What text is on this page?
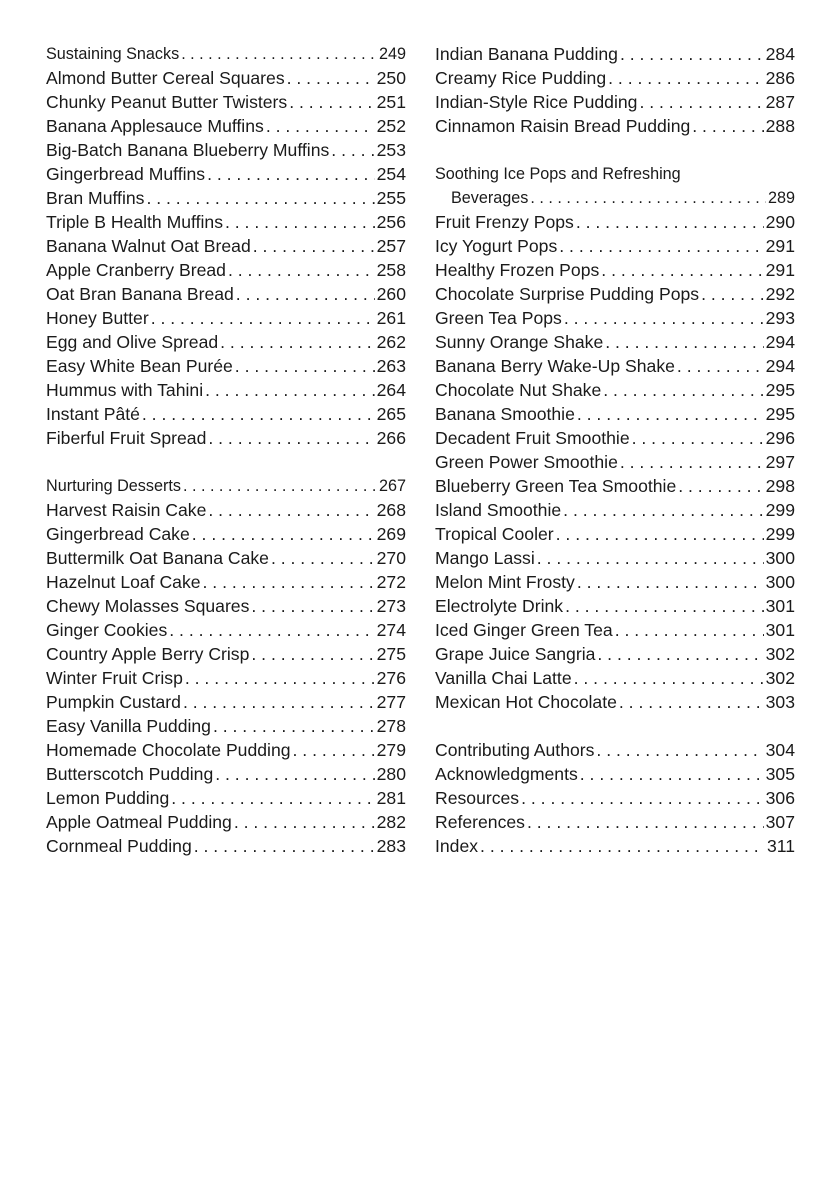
Sustaining Snacks . . .	249
Almond Butter Cereal Squares . . .	250
Chunky Peanut Butter Twisters . . .	251
Banana Applesauce Muffins . . .	252
Big-Batch Banana Blueberry Muffins . . .	253
Gingerbread Muffins . . .	254
Bran Muffins . . .	255
Triple B Health Muffins . . .	256
Banana Walnut Oat Bread . . .	257
Apple Cranberry Bread . . .	258
Oat Bran Banana Bread . . .	260
Honey Butter . . .	261
Egg and Olive Spread . . .	262
Easy White Bean Purée . . .	263
Hummus with Tahini . . .	264
Instant Pâté . . .	265
Fiberful Fruit Spread . . .	266
Nurturing Desserts . . .	267
Harvest Raisin Cake . . .	268
Gingerbread Cake . . .	269
Buttermilk Oat Banana Cake . . .	270
Hazelnut Loaf Cake . . .	272
Chewy Molasses Squares . . .	273
Ginger Cookies . . .	274
Country Apple Berry Crisp . . .	275
Winter Fruit Crisp . . .	276
Pumpkin Custard . . .	277
Easy Vanilla Pudding . . .	278
Homemade Chocolate Pudding . . .	279
Butterscotch Pudding . . .	280
Lemon Pudding . . .	281
Apple Oatmeal Pudding . . .	282
Cornmeal Pudding . . .	283
Indian Banana Pudding . . .	284
Creamy Rice Pudding . . .	286
Indian-Style Rice Pudding . . .	287
Cinnamon Raisin Bread Pudding . . .	288
Soothing Ice Pops and Refreshing
Beverages . . .	289
Fruit Frenzy Pops . . .	290
Icy Yogurt Pops . . .	291
Healthy Frozen Pops . . .	291
Chocolate Surprise Pudding Pops . . .	292
Green Tea Pops . . .	293
Sunny Orange Shake . . .	294
Banana Berry Wake-Up Shake . . .	294
Chocolate Nut Shake . . .	295
Banana Smoothie . . .	295
Decadent Fruit Smoothie . . .	296
Green Power Smoothie . . .	297
Blueberry Green Tea Smoothie . . .	298
Island Smoothie . . .	299
Tropical Cooler . . .	299
Mango Lassi . . .	300
Melon Mint Frosty . . .	300
Electrolyte Drink . . .	301
Iced Ginger Green Tea . . .	301
Grape Juice Sangria . . .	302
Vanilla Chai Latte . . .	302
Mexican Hot Chocolate . . .	303
Contributing Authors . . .	304
Acknowledgments . . .	305
Resources . . .	306
References . . .	307
Index . . .	311
